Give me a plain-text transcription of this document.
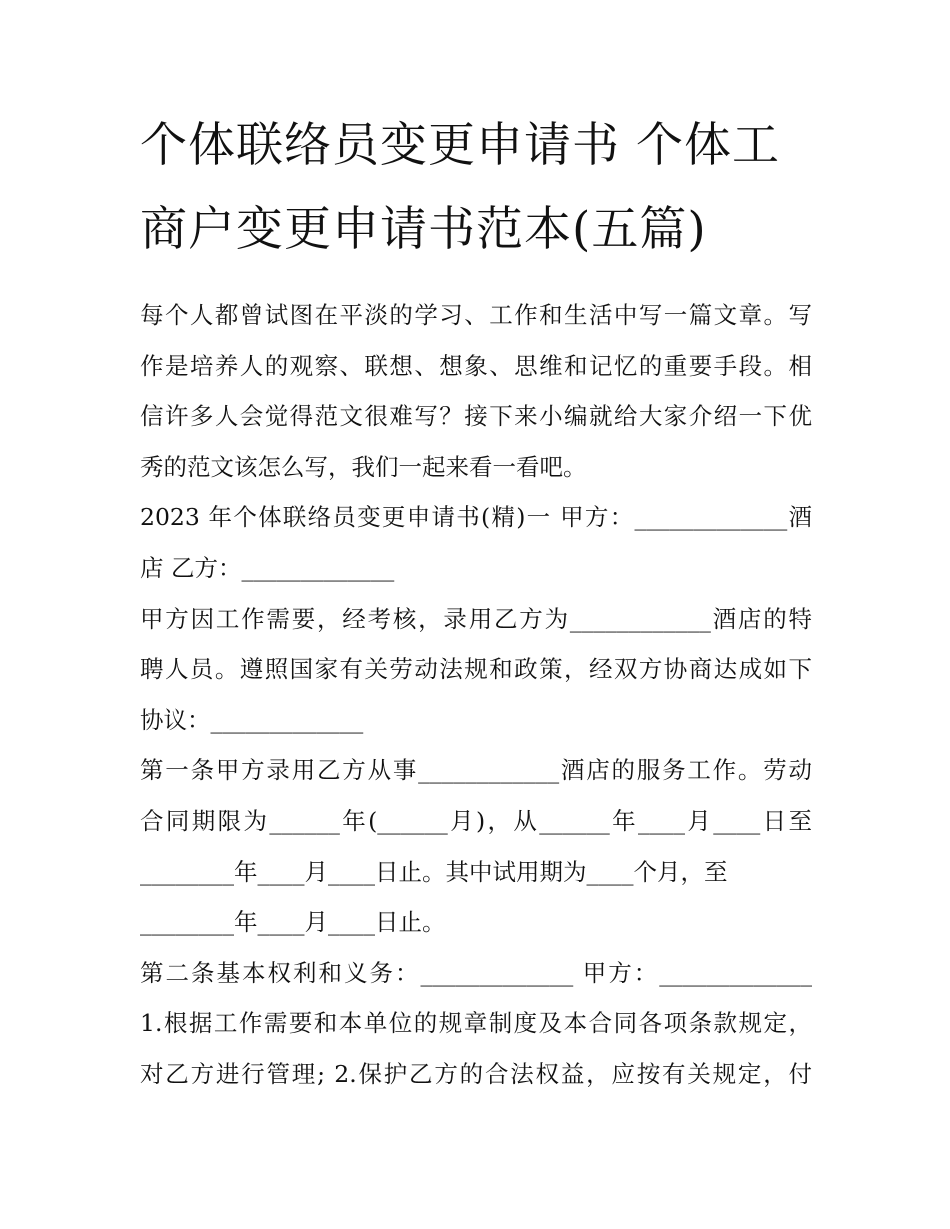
个体联络员变更申请书 个体工
商户变更申请书范本(五篇)
每个人都曾试图在平淡的学习、工作和生活中写一篇文章。写
作是培养人的观察、联想、想象、思维和记忆的重要手段。相
信许多人会觉得范文很难写？接下来小编就给大家介绍一下优
秀的范文该怎么写，我们一起来看一看吧。
2023 年个体联络员变更申请书(精)一 甲方：_____________酒
店 乙方：_____________
甲方因工作需要，经考核，录用乙方为____________酒店的特
聘人员。遵照国家有关劳动法规和政策，经双方协商达成如下
协议：_____________
第一条甲方录用乙方从事____________酒店的服务工作。劳动
合同期限为______年(______月)，从______年____月____日至
________年____月____日止。其中试用期为____个月，至
________年____月____日止。
第二条基本权利和义务：_____________ 甲方：_____________
1.根据工作需要和本单位的规章制度及本合同各项条款规定，
对乙方进行管理; 2.保护乙方的合法权益，应按有关规定，付
